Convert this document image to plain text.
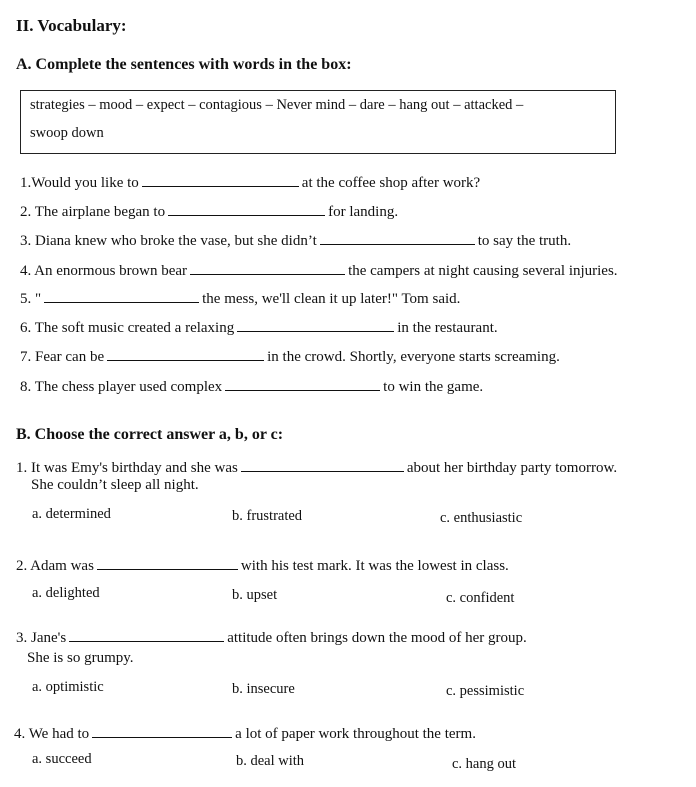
II. Vocabulary:
A. Complete the sentences with words in the box:
strategies – mood – expect – contagious – Never mind – dare – hang out – attacked –
swoop down
1.Would you like to	at the coffee shop after work?
2. The airplane began to	for landing.
3. Diana knew who broke the vase, but she didn’t	to say the truth.
4. An enormous brown bear	the campers at night causing several injuries.
5. "	the mess, we'll clean it up later!" Tom said.
6. The soft music created a relaxing	in the restaurant.
7. Fear can be	in the crowd. Shortly, everyone starts screaming.
8. The chess player used complex	to win the game.
B. Choose the correct answer a, b, or c:
1. It was Emy's birthday and she was	about her birthday party tomorrow.
She couldn’t sleep all night.
a. determined	b. frustrated	c. enthusiastic
2. Adam was	with his test mark. It was the lowest in class.
a. delighted	b. upset	c. confident
3. Jane's	attitude often brings down the mood of her group.
She is so grumpy.
a. optimistic	b. insecure	c. pessimistic
4. We had to	a lot of paper work throughout the term.
a. succeed	b. deal with	c. hang out
